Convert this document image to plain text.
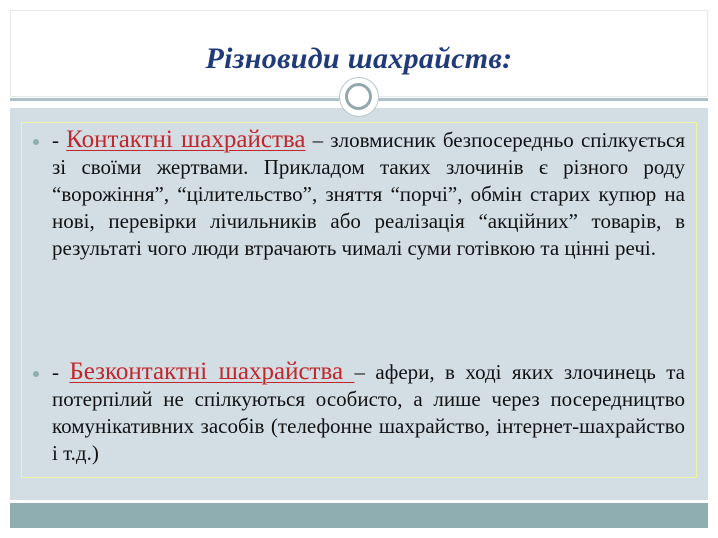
Різновиди шахрайств:
- Контактні шахрайства – зловмисник безпосередньо спілкується зі своїми жертвами. Прикладом таких злочинів є різного роду “ворожіння”, “цілительство”, зняття “порчі”, обмін старих купюр на нові, перевірки лічильників або реалізація “акційних” товарів, в результаті чого люди втрачають чималі суми готівкою та цінні речі.
- Безконтактні шахрайства – афери, в ході яких злочинець та потерпілий не спілкуються особисто, а лише через посередництво комунікативних засобів (телефонне шахрайство, інтернет-шахрайство і т.д.)
